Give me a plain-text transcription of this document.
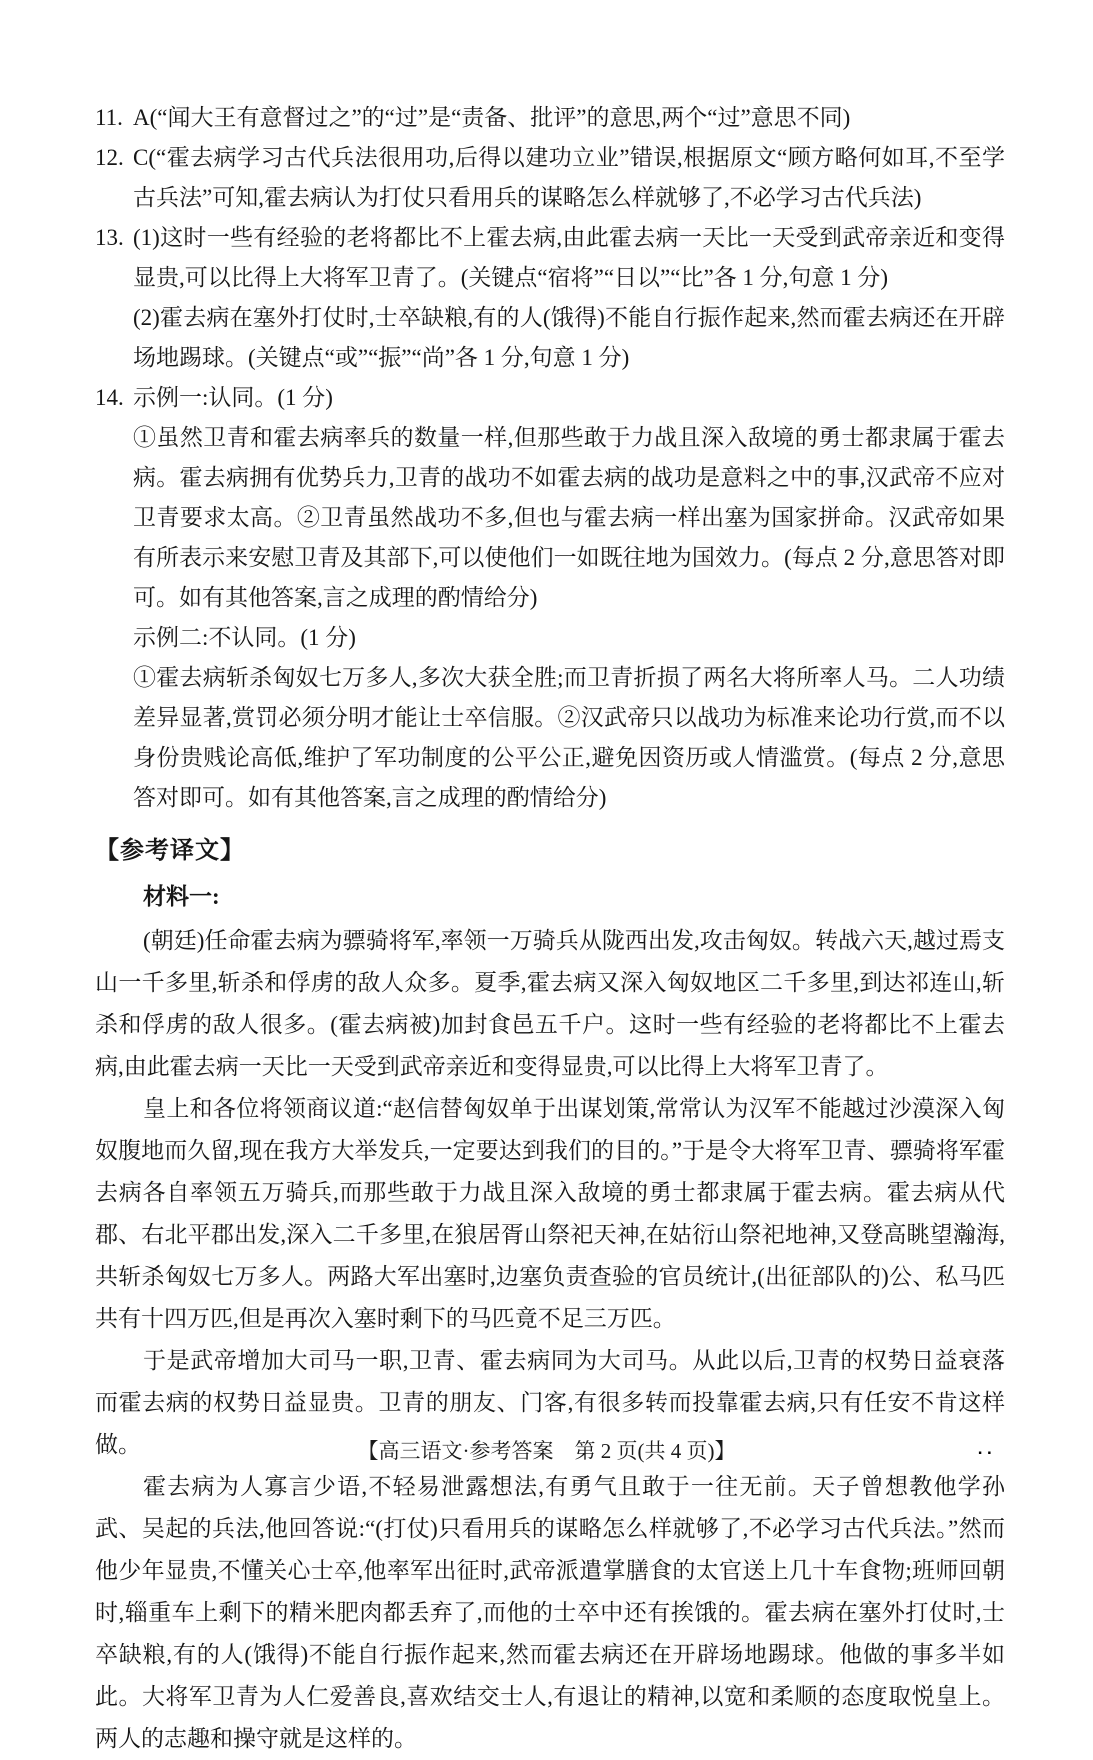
11. A(“闻大王有意督过之”的“过”是“责备、批评”的意思,两个“过”意思不同)

12. C(“霍去病学习古代兵法很用功,后得以建功立业”错误,根据原文“顾方略何如耳,不至学古兵法”可知,霍去病认为打仗只看用兵的谋略怎么样就够了,不必学习古代兵法)

13. (1)这时一些有经验的老将都比不上霍去病,由此霍去病一天比一天受到武帝亲近和变得显贵,可以比得上大将军卫青了。(关键点“宿将”“日以”“比”各 1 分,句意 1 分)

(2)霍去病在塞外打仗时,士卒缺粮,有的人(饿得)不能自行振作起来,然而霍去病还在开辟场地踢球。(关键点“或”“振”“尚”各 1 分,句意 1 分)

14. 示例一:认同。(1 分)

①虽然卫青和霍去病率兵的数量一样,但那些敢于力战且深入敌境的勇士都隶属于霍去病。霍去病拥有优势兵力,卫青的战功不如霍去病的战功是意料之中的事,汉武帝不应对卫青要求太高。②卫青虽然战功不多,但也与霍去病一样出塞为国家拼命。汉武帝如果有所表示来安慰卫青及其部下,可以使他们一如既往地为国效力。(每点 2 分,意思答对即可。如有其他答案,言之成理的酌情给分)

示例二:不认同。(1 分)

①霍去病斩杀匈奴七万多人,多次大获全胜;而卫青折损了两名大将所率人马。二人功绩差异显著,赏罚必须分明才能让士卒信服。②汉武帝只以战功为标准来论功行赏,而不以身份贵贱论高低,维护了军功制度的公平公正,避免因资历或人情滥赏。(每点 2 分,意思答对即可。如有其他答案,言之成理的酌情给分)

【参考译文】

材料一:

(朝廷)任命霍去病为骠骑将军,率领一万骑兵从陇西出发,攻击匈奴。转战六天,越过焉支山一千多里,斩杀和俘虏的敌人众多。夏季,霍去病又深入匈奴地区二千多里,到达祁连山,斩杀和俘虏的敌人很多。(霍去病被)加封食邑五千户。这时一些有经验的老将都比不上霍去病,由此霍去病一天比一天受到武帝亲近和变得显贵,可以比得上大将军卫青了。

皇上和各位将领商议道:“赵信替匈奴单于出谋划策,常常认为汉军不能越过沙漠深入匈奴腹地而久留,现在我方大举发兵,一定要达到我们的目的。”于是令大将军卫青、骠骑将军霍去病各自率领五万骑兵,而那些敢于力战且深入敌境的勇士都隶属于霍去病。霍去病从代郡、右北平郡出发,深入二千多里,在狼居胥山祭祀天神,在姑衍山祭祀地神,又登高眺望瀚海,共斩杀匈奴七万多人。两路大军出塞时,边塞负责查验的官员统计,(出征部队的)公、私马匹共有十四万匹,但是再次入塞时剩下的马匹竟不足三万匹。

于是武帝增加大司马一职,卫青、霍去病同为大司马。从此以后,卫青的权势日益衰落而霍去病的权势日益显贵。卫青的朋友、门客,有很多转而投靠霍去病,只有任安不肯这样做。

霍去病为人寡言少语,不轻易泄露想法,有勇气且敢于一往无前。天子曾想教他学孙武、吴起的兵法,他回答说:“(打仗)只看用兵的谋略怎么样就够了,不必学习古代兵法。”然而他少年显贵,不懂关心士卒,他率军出征时,武帝派遣掌膳食的太官送上几十车食物;班师回朝时,辎重车上剩下的精米肥肉都丢弃了,而他的士卒中还有挨饿的。霍去病在塞外打仗时,士卒缺粮,有的人(饿得)不能自行振作起来,然而霍去病还在开辟场地踢球。他做的事多半如此。大将军卫青为人仁爱善良,喜欢结交士人,有退让的精神,以宽和柔顺的态度取悦皇上。两人的志趣和操守就是这样的。

【高三语文·参考答案　第 2 页(共 4 页)】	..
